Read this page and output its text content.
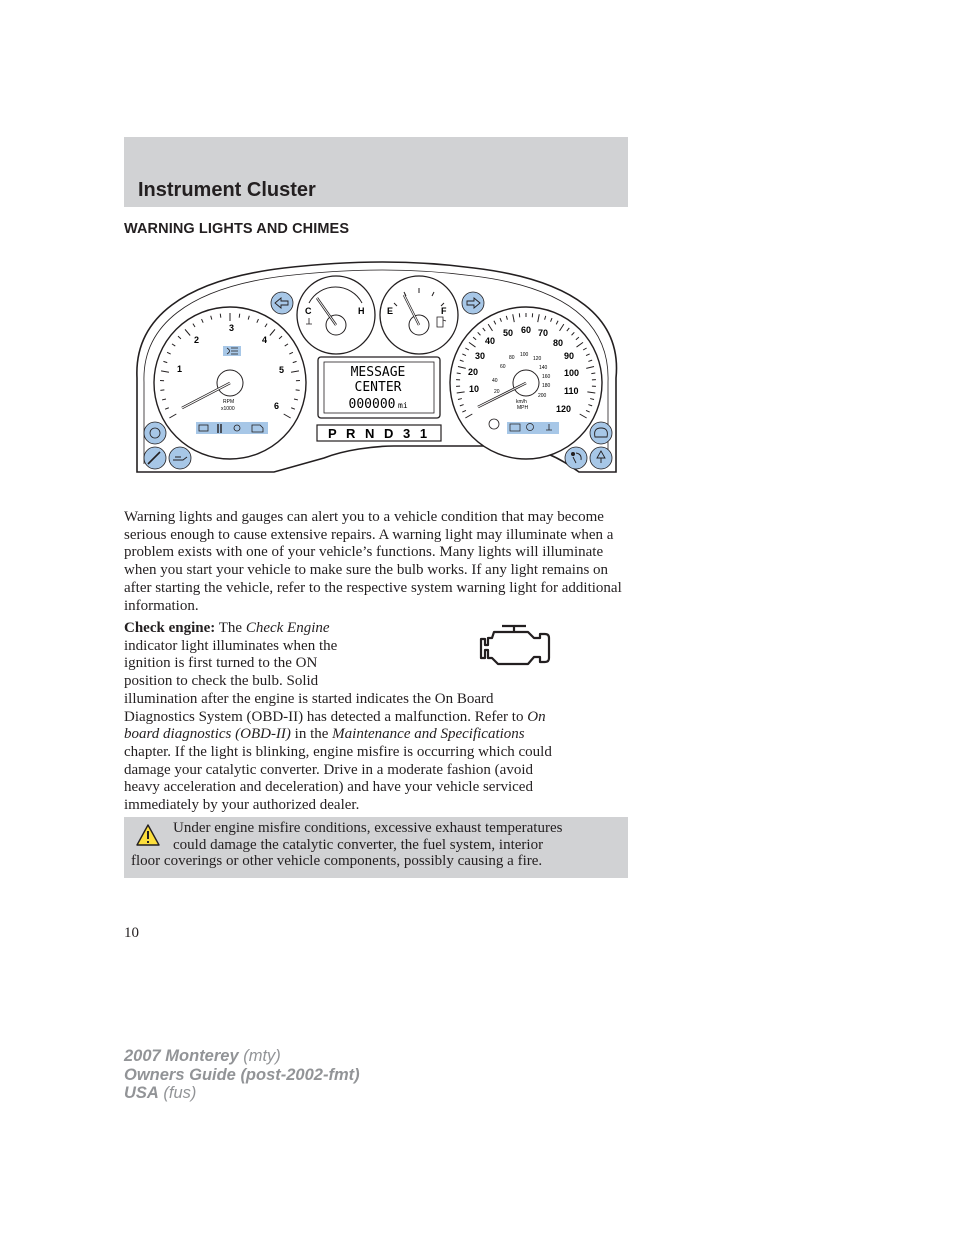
Instrument Cluster
WARNING LIGHTS AND CHIMES
1
2
3
4
5
6
RPM
x1000
C	H	E	F
MESSAGE
CENTER
000000 mi
P R N D 3 1
10
20
30
40
50 60 70
80
90
100
110
120
20
40
60
80 100
120
140
160
180
200
km/h
MPH

Warning lights and gauges can alert you to a vehicle condition that may become serious enough to cause extensive repairs. A warning light may illuminate when a problem exists with one of your vehicle’s functions. Many lights will illuminate when you start your vehicle to make sure the bulb works. If any light remains on after starting the vehicle, refer to the respective system warning light for additional information.

Check engine: The Check Engine
indicator light illuminates when the
ignition is first turned to the ON
position to check the bulb. Solid
illumination after the engine is started indicates the On Board
Diagnostics System (OBD-II) has detected a malfunction. Refer to On
board diagnostics (OBD-II) in the Maintenance and Specifications
chapter. If the light is blinking, engine misfire is occurring which could
damage your catalytic converter. Drive in a moderate fashion (avoid
heavy acceleration and deceleration) and have your vehicle serviced
immediately by your authorized dealer.

Under engine misfire conditions, excessive exhaust temperatures
could damage the catalytic converter, the fuel system, interior
floor coverings or other vehicle components, possibly causing a fire.

10
2007 Monterey (mty)
Owners Guide (post-2002-fmt)
USA (fus)
